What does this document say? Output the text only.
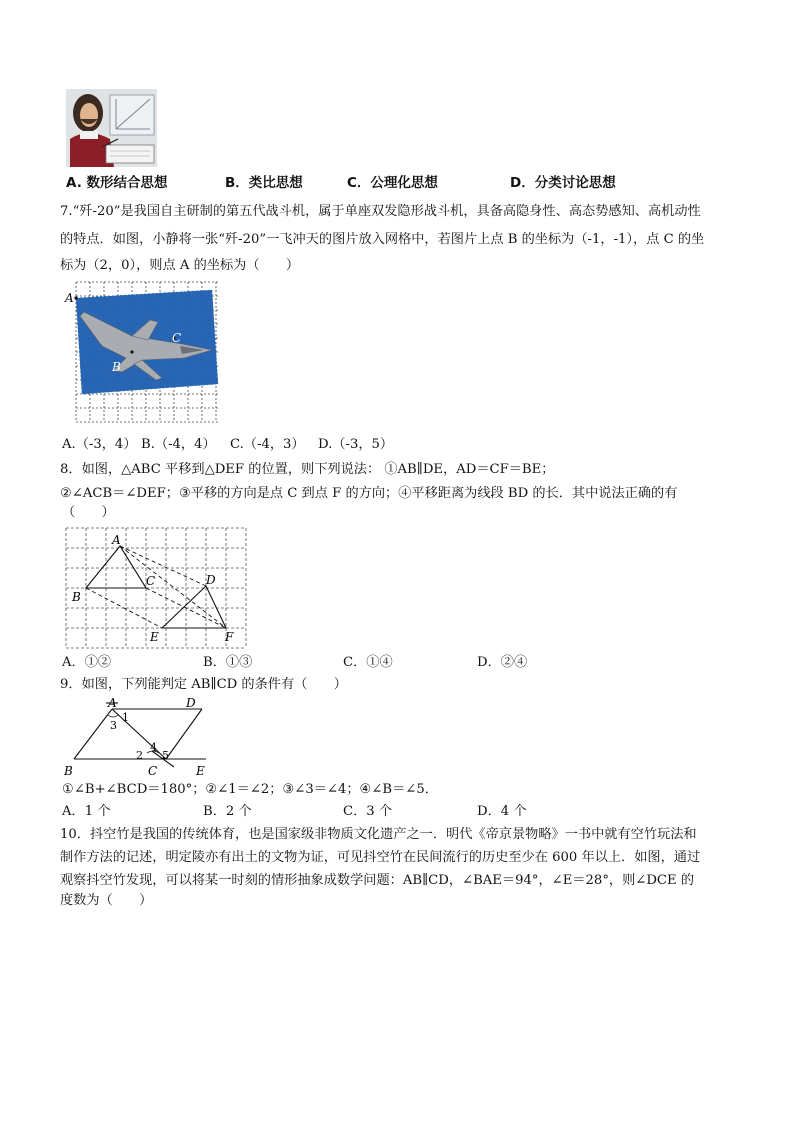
A. 数形结合思想	B．类比思想	C．公理化思想	D．分类讨论思想
7.“歼-20”是我国自主研制的第五代战斗机，属于单座双发隐形战斗机，具备高隐身性、高态势感知、高机动性
的特点．如图，小静将一张“歼-20”一飞冲天的图片放入网格中，若图片上点 B 的坐标为（-1，-1），点 C 的坐
标为（2，0），则点 A 的坐标为（　　）
A
C
B
A.（-3，4） B.（-4，4） C.（-4，3） D.（-3，5）
8．如图，△ABC 平移到△DEF 的位置，则下列说法： ①AB∥DE，AD＝CF＝BE；
②∠ACB＝∠DEF；③平移的方向是点 C 到点 F 的方向；④平移距离为线段 BD 的长．其中说法正确的有
（　　）
A
B
C	D
E	F
A．①②	B．①③	C．①④	D．②④
9．如图，下列能判定 AB∥CD 的条件有（　　）
A	D
B	C	E
1
3
2
4
5
①∠B+∠BCD＝180°；②∠1＝∠2；③∠3＝∠4；④∠B＝∠5．
A．1 个	B．2 个	C．3 个	D．4 个
10．抖空竹是我国的传统体育，也是国家级非物质文化遗产之一．明代《帝京景物略》一书中就有空竹玩法和
制作方法的记述，明定陵亦有出土的文物为证，可见抖空竹在民间流行的历史至少在 600 年以上．如图，通过
观察抖空竹发现，可以将某一时刻的情形抽象成数学问题：AB∥CD，∠BAE＝94°，∠E＝28°，则∠DCE 的
度数为（　　）
